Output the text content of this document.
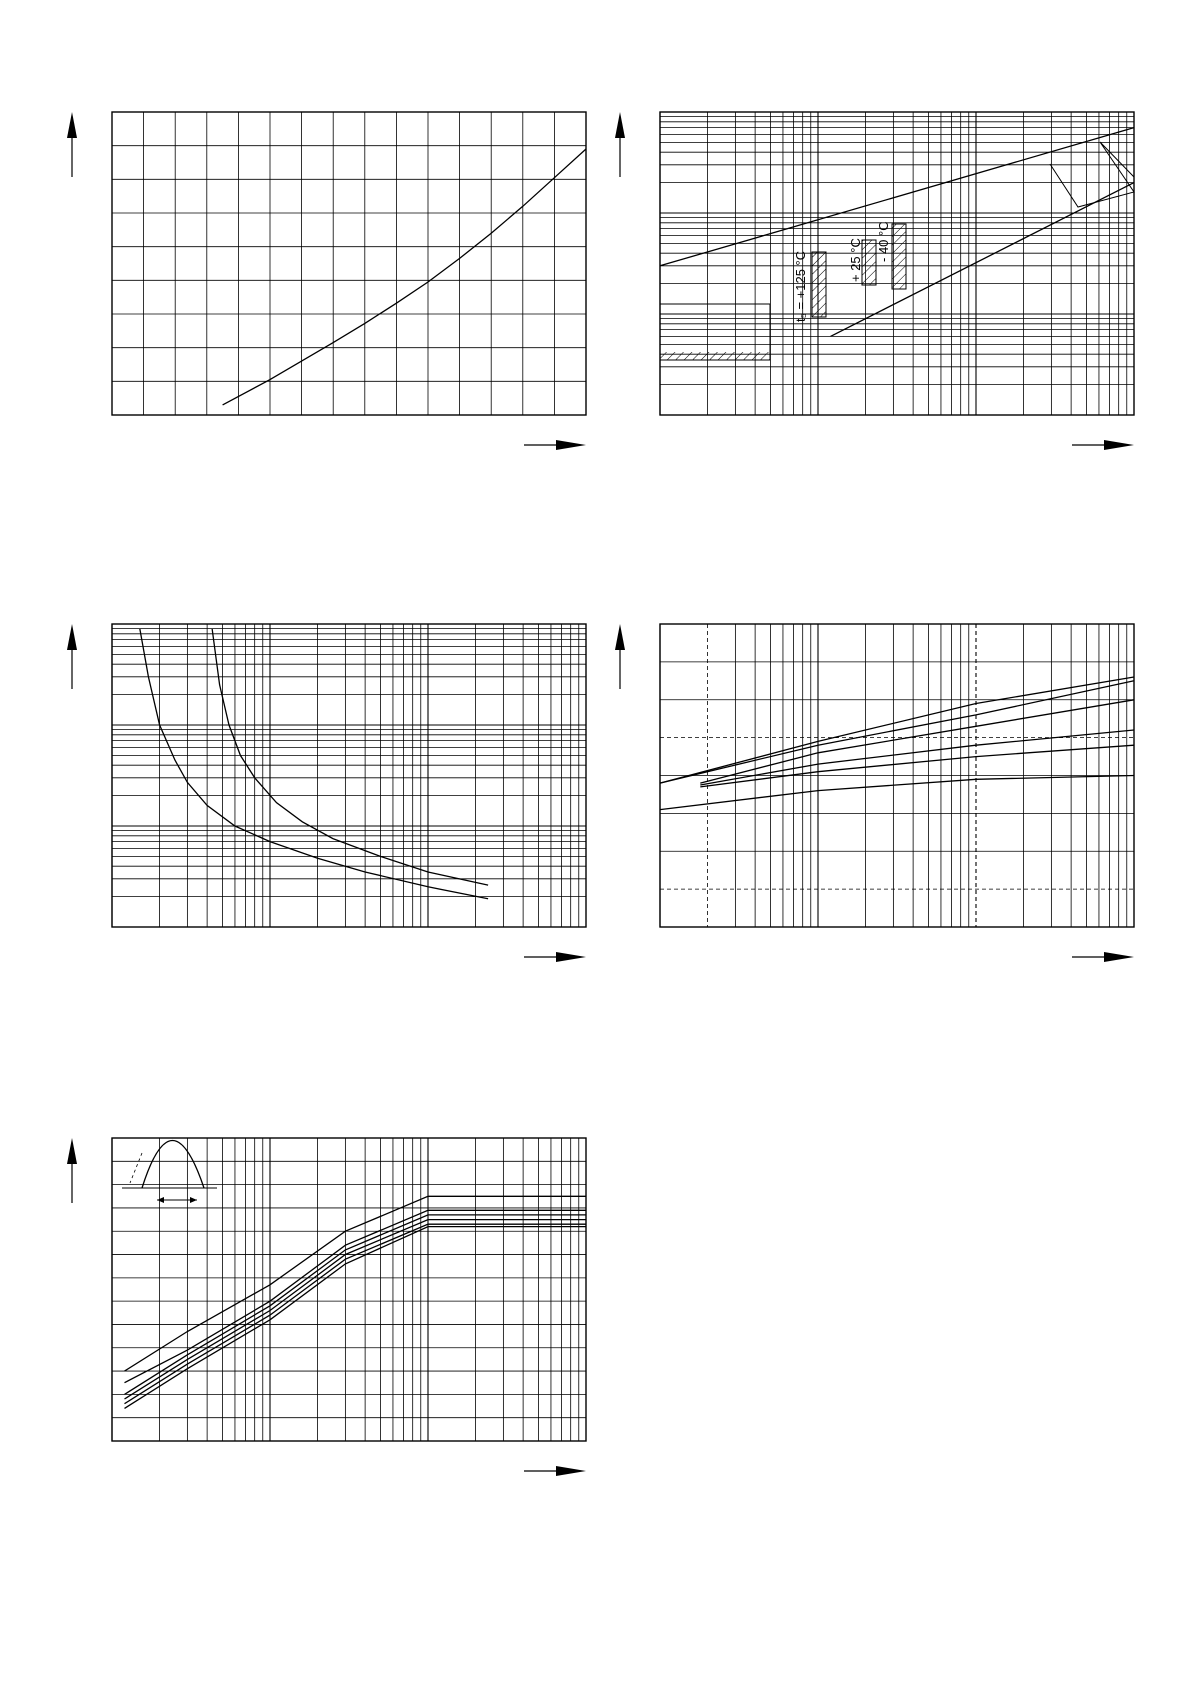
t₅ = +125 °C	+ 25 °C - 40 °C
